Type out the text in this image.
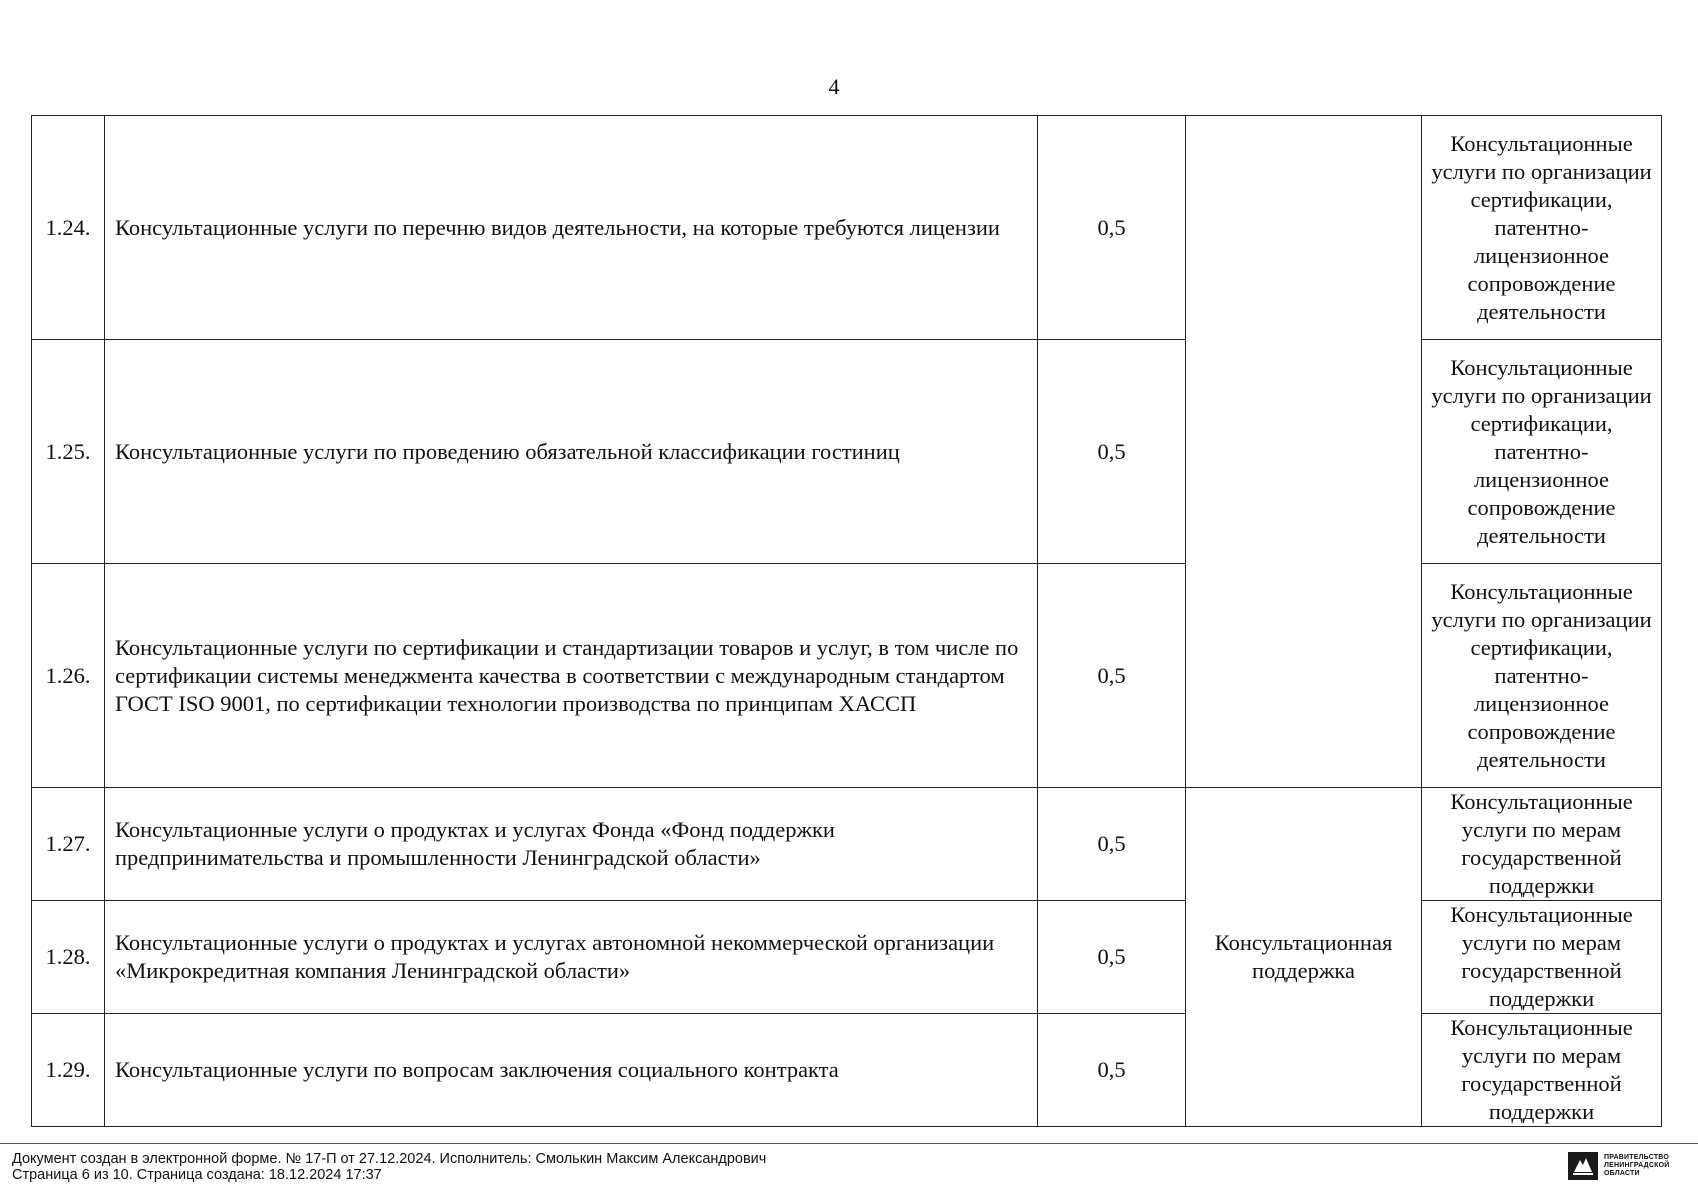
4
1.24.	Консультационные услуги по перечню видов деятельности, на которые требуются лицензии	0,5		Консультационные услуги по организации сертификации, патентно-лицензионное сопровождение деятельности
1.25.	Консультационные услуги по проведению обязательной классификации гостиниц	0,5		Консультационные услуги по организации сертификации, патентно-лицензионное сопровождение деятельности
1.26.	Консультационные услуги по сертификации и стандартизации товаров и услуг, в том числе по сертификации системы менеджмента качества в соответствии с международным стандартом ГОСТ ISO 9001, по сертификации технологии производства по принципам ХАССП	0,5		Консультационные услуги по организации сертификации, патентно-лицензионное сопровождение деятельности
1.27.	Консультационные услуги о продуктах и услугах Фонда «Фонд поддержки предпринимательства и промышленности Ленинградской области»	0,5	Консультационная поддержка	Консультационные услуги по мерам государственной поддержки
1.28.	Консультационные услуги о продуктах и услугах автономной некоммерческой организации «Микрокредитная компания Ленинградской области»	0,5		Консультационные услуги по мерам государственной поддержки
1.29.	Консультационные услуги по вопросам заключения социального контракта	0,5		Консультационные услуги по мерам государственной поддержки
Документ создан в электронной форме. № 17-П от 27.12.2024. Исполнитель: Смолькин Максим Александрович
Страница 6 из 10. Страница создана: 18.12.2024 17:37
ПРАВИТЕЛЬСТВО
ЛЕНИНГРАДСКОЙ
ОБЛАСТИ
